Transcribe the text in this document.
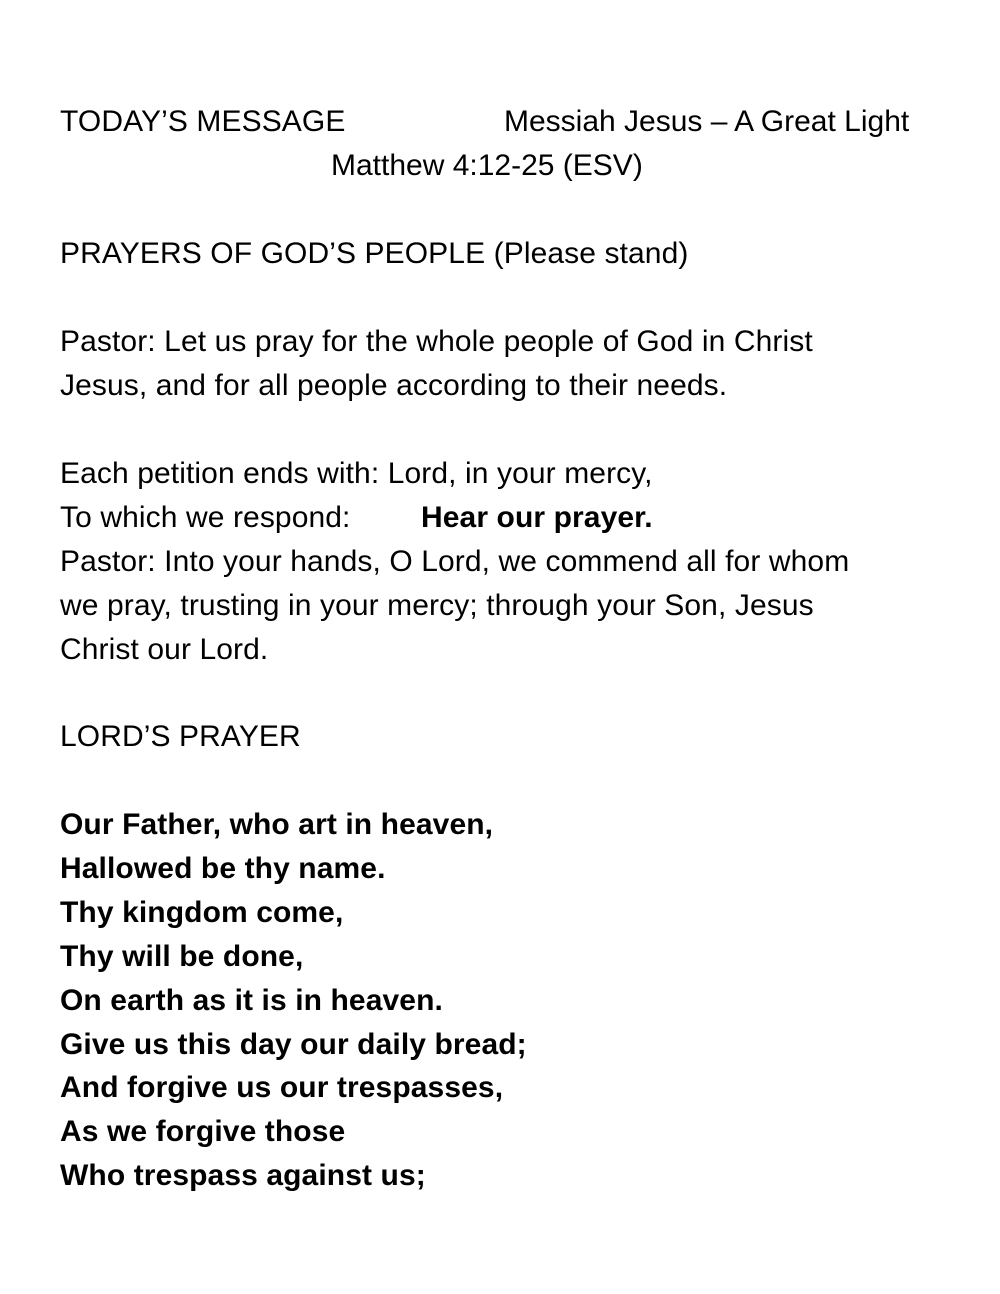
TODAY’S MESSAGE	Messiah Jesus – A Great Light
Matthew 4:12-25 (ESV)
PRAYERS OF GOD’S PEOPLE (Please stand)
Pastor: Let us pray for the whole people of God in Christ
Jesus, and for all people according to their needs.
Each petition ends with: Lord, in your mercy,
To which we respond: Hear our prayer.
Pastor: Into your hands, O Lord, we commend all for whom
we pray, trusting in your mercy; through your Son, Jesus
Christ our Lord.
LORD’S PRAYER
Our Father, who art in heaven,
Hallowed be thy name.
Thy kingdom come,
Thy will be done,
On earth as it is in heaven.
Give us this day our daily bread;
And forgive us our trespasses,
As we forgive those
Who trespass against us;
